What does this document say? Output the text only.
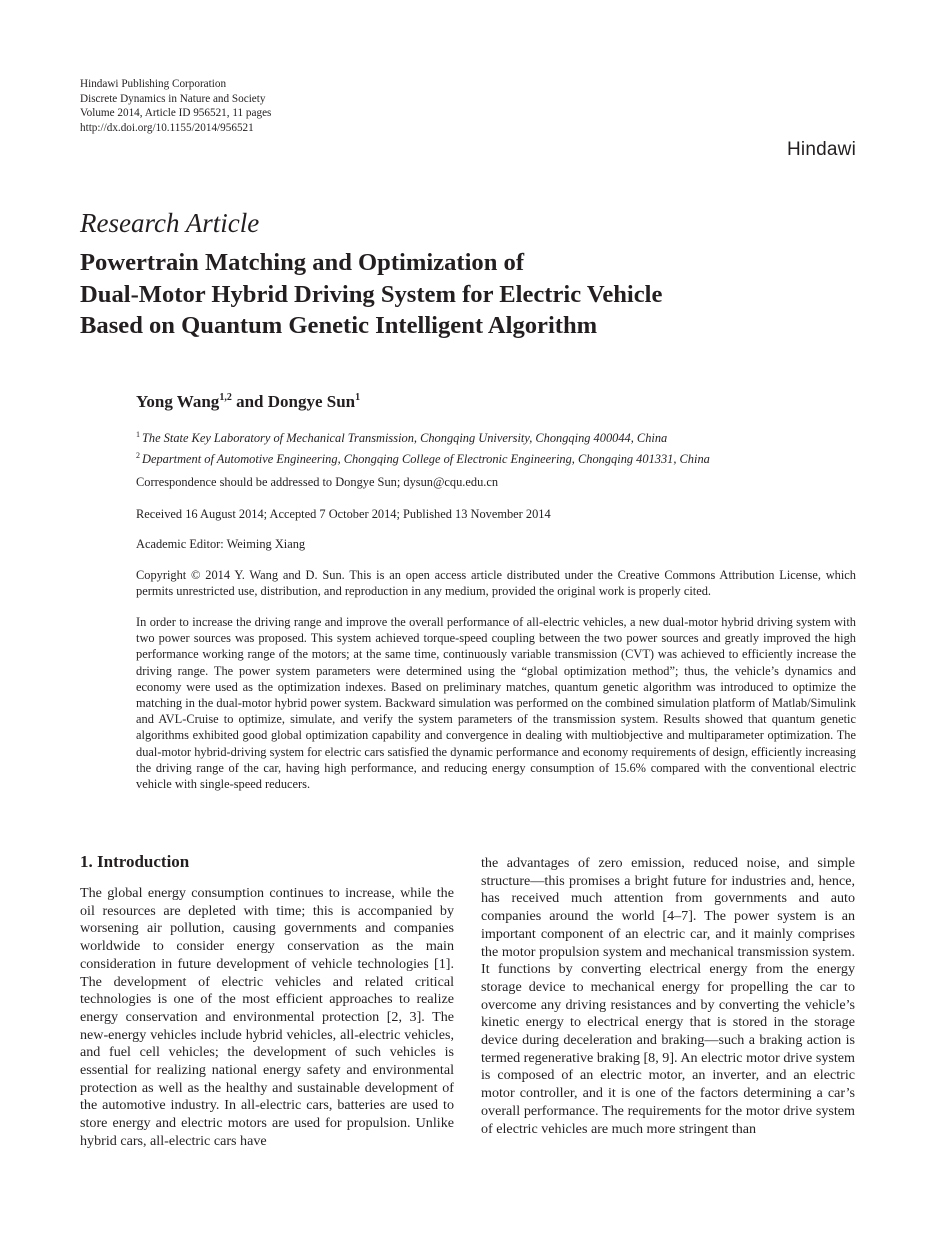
Hindawi Publishing Corporation
Discrete Dynamics in Nature and Society
Volume 2014, Article ID 956521, 11 pages
http://dx.doi.org/10.1155/2014/956521
Hindawi
Research Article
Powertrain Matching and Optimization of
Dual-Motor Hybrid Driving System for Electric Vehicle
Based on Quantum Genetic Intelligent Algorithm
Yong Wang$^{1,2}$ and Dongye Sun$^1$
$^1$ The State Key Laboratory of Mechanical Transmission, Chongqing University, Chongqing 400044, China
$^2$ Department of Automotive Engineering, Chongqing College of Electronic Engineering, Chongqing 401331, China
Correspondence should be addressed to Dongye Sun; dysun@cqu.edu.cn
Received 16 August 2014; Accepted 7 October 2014; Published 13 November 2014
Academic Editor: Weiming Xiang
Copyright © 2014 Y. Wang and D. Sun. This is an open access article distributed under the Creative Commons Attribution License, which permits unrestricted use, distribution, and reproduction in any medium, provided the original work is properly cited.
In order to increase the driving range and improve the overall performance of all-electric vehicles, a new dual-motor hybrid driving system with two power sources was proposed. This system achieved torque-speed coupling between the two power sources and greatly improved the high performance working range of the motors; at the same time, continuously variable transmission (CVT) was achieved to efficiently increase the driving range. The power system parameters were determined using the “global optimization method”; thus, the vehicle’s dynamics and economy were used as the optimization indexes. Based on preliminary matches, quantum genetic algorithm was introduced to optimize the matching in the dual-motor hybrid power system. Backward simulation was performed on the combined simulation platform of Matlab/Simulink and AVL-Cruise to optimize, simulate, and verify the system parameters of the transmission system. Results showed that quantum genetic algorithms exhibited good global optimization capability and convergence in dealing with multiobjective and multiparameter optimization. The dual-motor hybrid-driving system for electric cars satisfied the dynamic performance and economy requirements of design, efficiently increasing the driving range of the car, having high performance, and reducing energy consumption of 15.6% compared with the conventional electric vehicle with single-speed reducers.
1. Introduction

The global energy consumption continues to increase, while the oil resources are depleted with time; this is accompanied by worsening air pollution, causing governments and companies worldwide to consider energy conservation as the main consideration in future development of vehicle technologies [1]. The development of electric vehicles and related critical technologies is one of the most efficient approaches to realize energy conservation and environmental protection [2, 3]. The new-energy vehicles include hybrid vehicles, all-electric vehicles, and fuel cell vehicles; the development of such vehicles is essential for realizing national energy safety and environmental protection as well as the healthy and sustainable development of the automotive industry. In all-electric cars, batteries are used to store energy and electric motors are used for propulsion. Unlike hybrid cars, all-electric cars have

the advantages of zero emission, reduced noise, and simple structure—this promises a bright future for industries and, hence, has received much attention from governments and auto companies around the world [4–7]. The power system is an important component of an electric car, and it mainly comprises the motor propulsion system and mechanical transmission system. It functions by converting electrical energy from the energy storage device to mechanical energy for propelling the car to overcome any driving resistances and by converting the vehicle’s kinetic energy to electrical energy that is stored in the storage device during deceleration and braking—such a braking action is termed regenerative braking [8, 9]. An electric motor drive system is composed of an electric motor, an inverter, and an electric motor controller, and it is one of the factors determining a car’s overall performance. The requirements for the motor drive system of electric vehicles are much more stringent than
